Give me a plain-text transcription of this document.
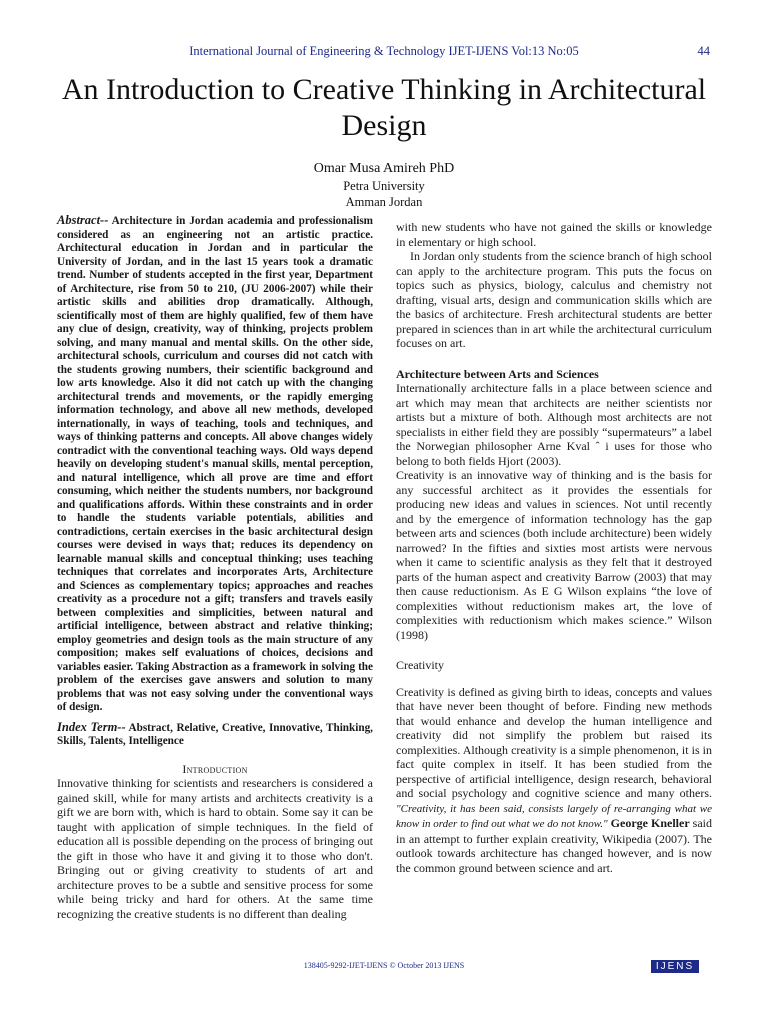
International Journal of Engineering & Technology IJET-IJENS Vol:13 No:05	44
An Introduction to Creative Thinking in Architectural Design
Omar Musa Amireh PhD
Petra University
Amman Jordan

Abstract-- Architecture in Jordan academia and professionalism considered as an engineering not an artistic practice. Architectural education in Jordan and in particular the University of Jordan, and in the last 15 years took a dramatic trend. Number of students accepted in the first year, Department of Architecture, rise from 50 to 210, (JU 2006-2007) while their artistic skills and abilities drop dramatically. Although, scientifically most of them are highly qualified, few of them have any clue of design, creativity, way of thinking, projects problem solving, and many manual and mental skills. On the other side, architectural schools, curriculum and courses did not catch with the students growing numbers, their scientific background and low arts knowledge. Also it did not catch up with the changing architectural trends and movements, or the rapidly emerging information technology, and above all new methods, developed internationally, in ways of teaching, tools and techniques, and ways of thinking patterns and concepts. All above changes widely contradict with the conventional teaching ways. Old ways depend heavily on developing student's manual skills, mental perception, and natural intelligence, which all prove are time and effort consuming, which neither the students numbers, nor background and qualifications affords. Within these constraints and in order to handle the students variable potentials, abilities and contradictions, certain exercises in the basic architectural design courses were devised in ways that; reduces its dependency on learnable manual skills and conceptual thinking; uses teaching techniques that correlates and incorporates Arts, Architecture and Sciences as complementary topics; approaches and reaches creativity as a procedure not a gift; transfers and travels easily between complexities and simplicities, between natural and artificial intelligence, between abstract and relative thinking; employ geometries and design tools as the main structure of any composition; makes self evaluations of choices, decisions and variables easier. Taking Abstraction as a framework in solving the problem of the exercises gave answers and solution to many problems that was not easy solving under the conventional ways of design.

Index Term-- Abstract, Relative, Creative, Innovative, Thinking, Skills, Talents, Intelligence

Introduction

Innovative thinking for scientists and researchers is considered a gained skill, while for many artists and architects creativity is a gift we are born with, which is hard to obtain. Some say it can be taught with application of simple techniques. In the field of education all is possible depending on the process of bringing out the gift in those who have it and giving it to those who don't. Bringing out or giving creativity to students of art and architecture proves to be a subtle and sensitive process for some while being tricky and hard for others. At the same time recognizing the creative students is no different than dealing

with new students who have not gained the skills or knowledge in elementary or high school.

In Jordan only students from the science branch of high school can apply to the architecture program. This puts the focus on topics such as physics, biology, calculus and chemistry not drafting, visual arts, design and communication skills which are the basics of architecture. Fresh architectural students are better prepared in sciences than in art while the architectural curriculum focuses on art.

Architecture between Arts and Sciences

Internationally architecture falls in a place between science and art which may mean that architects are neither scientists nor artists but a mixture of both. Although most architects are not specialists in either field they are possibly “supermateurs” a label the Norwegian philosopher Arne Kval ˆ i uses for those who belong to both fields Hjort (2003).

Creativity is an innovative way of thinking and is the basis for any successful architect as it provides the essentials for producing new ideas and values in sciences. Not until recently and by the emergence of information technology has the gap between arts and sciences (both include architecture) been widely narrowed? In the fifties and sixties most artists were nervous when it came to scientific analysis as they felt that it destroyed parts of the human aspect and creativity Barrow (2003) that may then cause reductionism. As E G Wilson explains “the love of complexities without reductionism makes art, the love of complexities with reductionism which makes science.” Wilson (1998)

Creativity

Creativity is defined as giving birth to ideas, concepts and values that have never been thought of before. Finding new methods that would enhance and develop the human intelligence and creativity did not simplify the problem but raised its complexities. Although creativity is a simple phenomenon, it is in fact quite complex in itself. It has been studied from the perspective of artificial intelligence, design research, behavioral and social psychology and cognitive science and many others. "Creativity, it has been said, consists largely of re-arranging what we know in order to find out what we do not know." George Kneller said in an attempt to further explain creativity, Wikipedia (2007). The outlook towards architecture has changed however, and is now the common ground between science and art.

138405-9292-IJET-IJENS © October 2013 IJENS	IJENS
